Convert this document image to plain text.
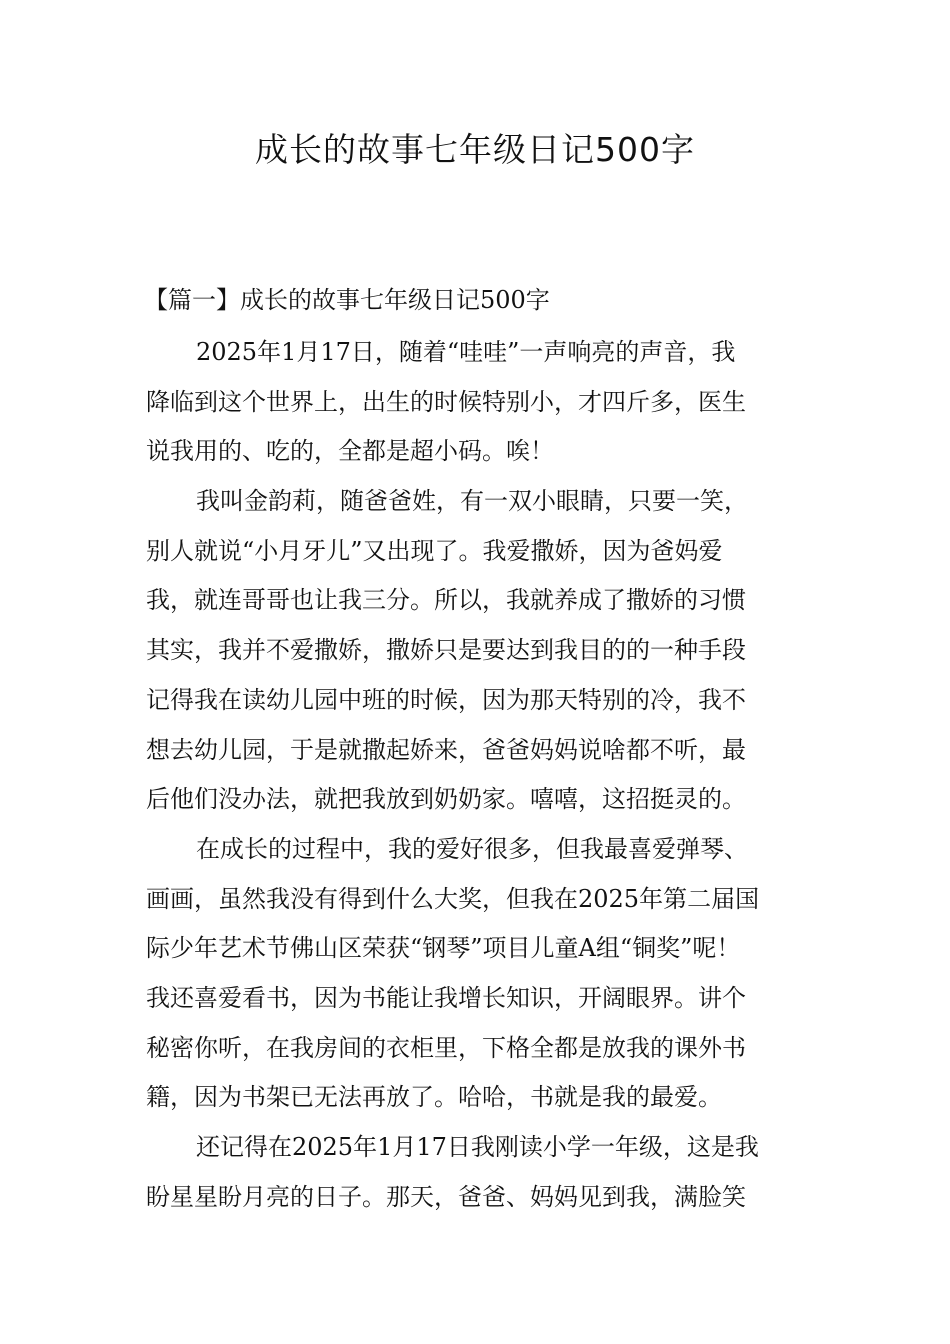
成长的故事七年级日记500字
【篇一】成长的故事七年级日记500字
2025年1月17日，随着“哇哇”一声响亮的声音，我
降临到这个世界上，出生的时候特别小，才四斤多，医生
说我用的、吃的，全都是超小码。唉！
我叫金韵莉，随爸爸姓，有一双小眼睛，只要一笑，
别人就说“小月牙儿”又出现了。我爱撒娇，因为爸妈爱
我，就连哥哥也让我三分。所以，我就养成了撒娇的习惯
其实，我并不爱撒娇，撒娇只是要达到我目的的一种手段
记得我在读幼儿园中班的时候，因为那天特别的冷，我不
想去幼儿园，于是就撒起娇来，爸爸妈妈说啥都不听，最
后他们没办法，就把我放到奶奶家。嘻嘻，这招挺灵的。
在成长的过程中，我的爱好很多，但我最喜爱弹琴、
画画，虽然我没有得到什么大奖，但我在2025年第二届国
际少年艺术节佛山区荣获“钢琴”项目儿童A组“铜奖”呢！
我还喜爱看书，因为书能让我增长知识，开阔眼界。讲个
秘密你听，在我房间的衣柜里，下格全都是放我的课外书
籍，因为书架已无法再放了。哈哈，书就是我的最爱。
还记得在2025年1月17日我刚读小学一年级，这是我
盼星星盼月亮的日子。那天，爸爸、妈妈见到我，满脸笑
